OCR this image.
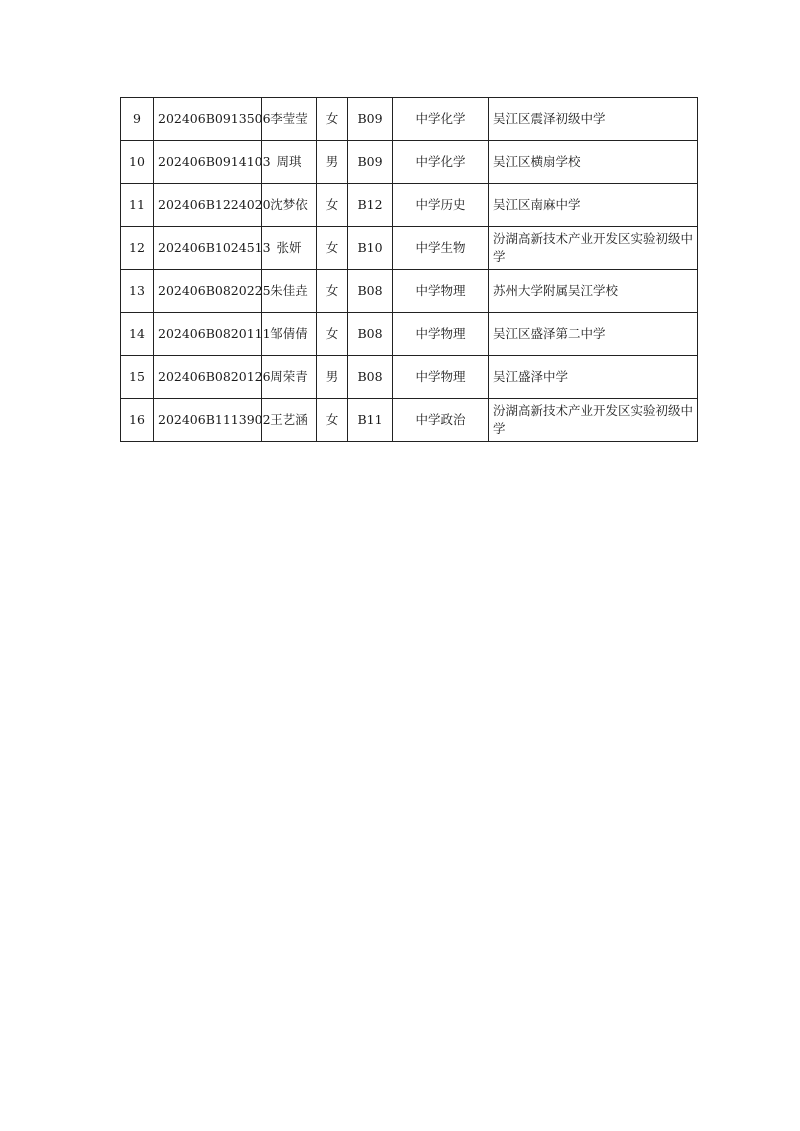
9	202406B0913506	李莹莹	女	B09	中学化学	吴江区震泽初级中学
10	202406B0914103	周琪	男	B09	中学化学	吴江区横扇学校
11	202406B1224020	沈梦依	女	B12	中学历史	吴江区南麻中学
12	202406B1024513	张妍	女	B10	中学生物	汾湖高新技术产业开发区实验初级中学
13	202406B0820225	朱佳垚	女	B08	中学物理	苏州大学附属吴江学校
14	202406B0820111	邹倩倩	女	B08	中学物理	吴江区盛泽第二中学
15	202406B0820126	周荣青	男	B08	中学物理	吴江盛泽中学
16	202406B1113902	王艺涵	女	B11	中学政治	汾湖高新技术产业开发区实验初级中学
